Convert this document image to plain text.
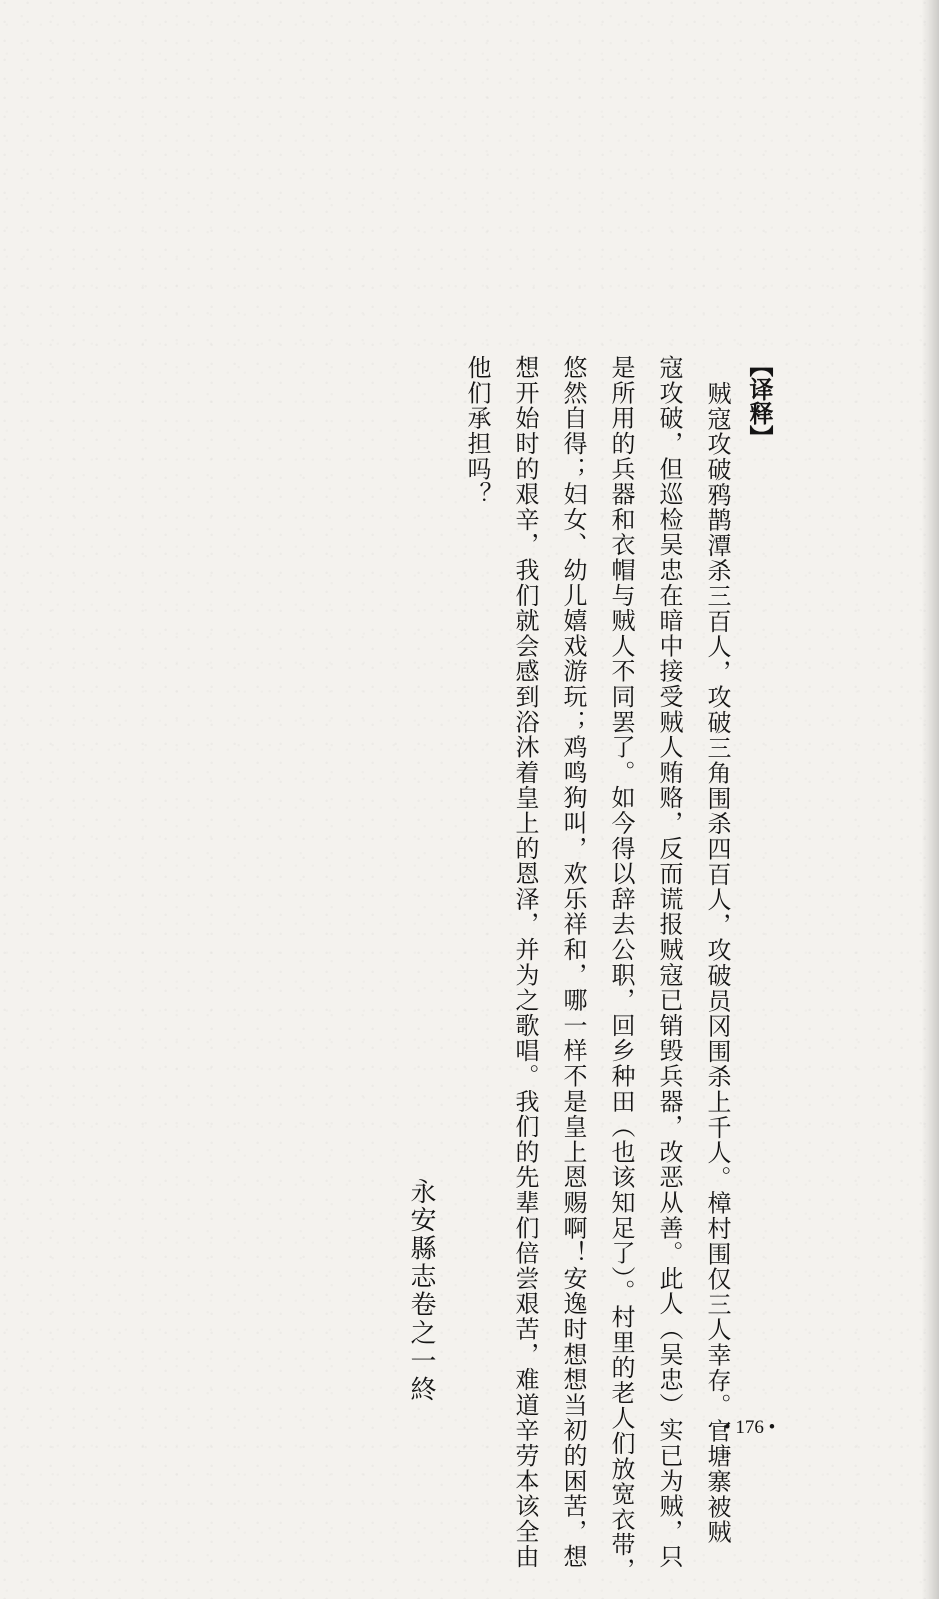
【译释】
贼寇攻破鸦鹊潭杀三百人，攻破三角围杀四百人，攻破员冈围杀上千人。樟村围仅三人幸存。官塘寨被贼
寇攻破，但巡检吴忠在暗中接受贼人贿赂，反而谎报贼寇已销毁兵器，改恶从善。此人（吴忠）实已为贼，只
是所用的兵器和衣帽与贼人不同罢了。如今得以辞去公职，回乡种田（也该知足了）。村里的老人们放宽衣带，
悠然自得；妇女、幼儿嬉戏游玩；鸡鸣狗叫，欢乐祥和，哪一样不是皇上恩赐啊！安逸时想想当初的困苦，想
想开始时的艰辛，我们就会感到浴沐着皇上的恩泽，并为之歌唱。我们的先辈们倍尝艰苦，难道辛劳本该全由
他们承担吗？
永安縣志卷之一終
• 176 •
